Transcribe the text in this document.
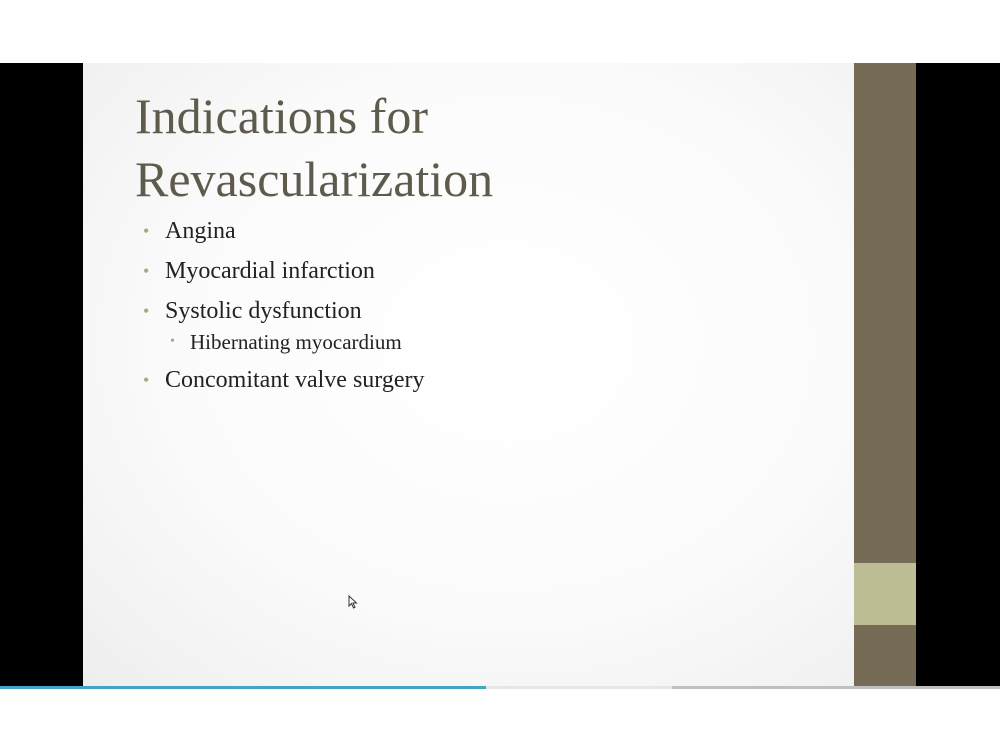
Indications for
Revascularization
• Angina
• Myocardial infarction
• Systolic dysfunction
• Hibernating myocardium
• Concomitant valve surgery
